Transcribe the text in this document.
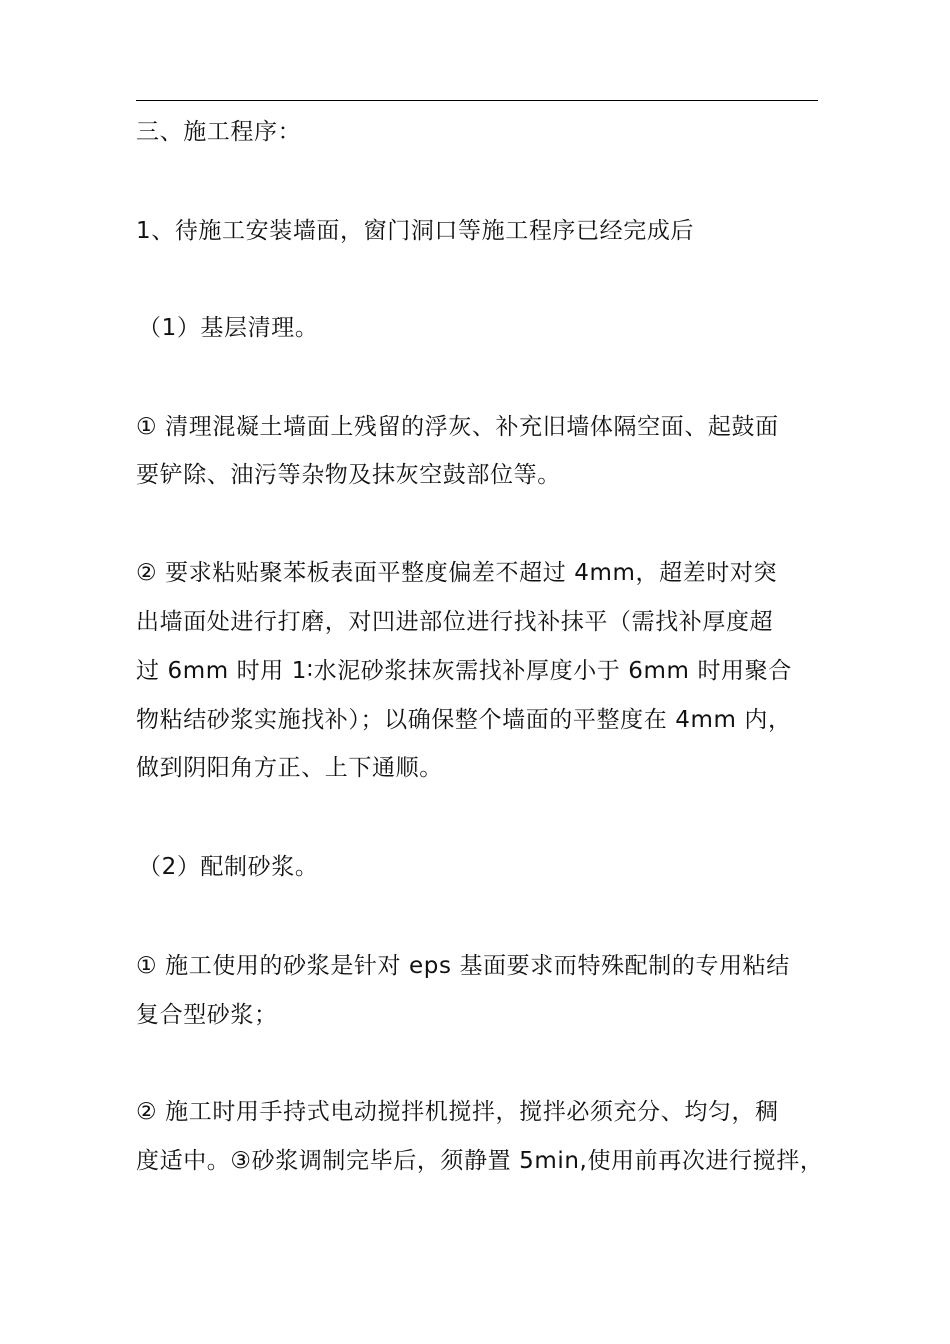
三、施工程序：
1、待施工安装墙面，窗门洞口等施工程序已经完成后
（1）基层清理。
① 清理混凝土墙面上残留的浮灰、补充旧墙体隔空面、起鼓面
要铲除、油污等杂物及抹灰空鼓部位等。
② 要求粘贴聚苯板表面平整度偏差不超过 4mm，超差时对突
出墙面处进行打磨，对凹进部位进行找补抹平（需找补厚度超
过 6mm 时用 1∶水泥砂浆抹灰需找补厚度小于 6mm 时用聚合
物粘结砂浆实施找补）；以确保整个墙面的平整度在 4mm 内，
做到阴阳角方正、上下通顺。
（2）配制砂浆。
① 施工使用的砂浆是针对 eps 基面要求而特殊配制的专用粘结
复合型砂浆；
② 施工时用手持式电动搅拌机搅拌，搅拌必须充分、均匀，稠
度适中。③砂浆调制完毕后，须静置 5min,使用前再次进行搅拌，
